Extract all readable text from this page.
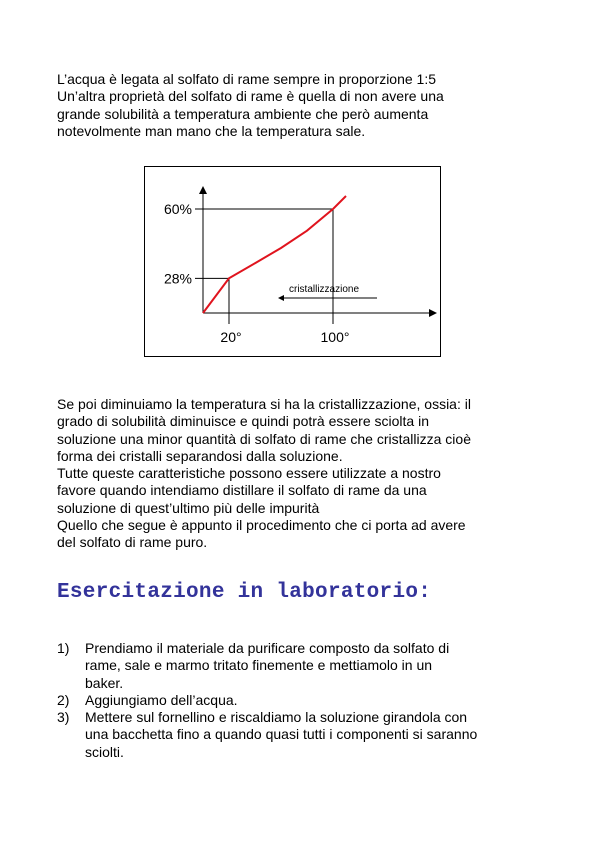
L’acqua è legata al solfato di rame sempre in proporzione 1:5
Un’altra proprietà del solfato di rame è quella di non avere una
grande solubilità a temperatura ambiente che però aumenta
notevolmente man mano che la temperatura sale.
28%
20°
60%
100°
cristallizzazione
Se poi diminuiamo la temperatura si ha la cristallizzazione, ossia: il
grado di solubilità diminuisce e quindi potrà essere sciolta in
soluzione una minor quantità di solfato di rame che cristallizza cioè
forma dei cristalli separandosi dalla soluzione.
Tutte queste caratteristiche possono essere utilizzate a nostro
favore quando intendiamo distillare il solfato di rame da una
soluzione di quest’ultimo più delle impurità
Quello che segue è appunto il procedimento che ci porta ad avere
del solfato di rame puro.
Esercitazione in laboratorio:
1) Prendiamo il materiale da purificare composto da solfato di
rame, sale e marmo tritato finemente e mettiamolo in un
baker.
2) Aggiungiamo dell’acqua.
3) Mettere sul fornellino e riscaldiamo la soluzione girandola con
una bacchetta fino a quando quasi tutti i componenti si saranno
sciolti.
